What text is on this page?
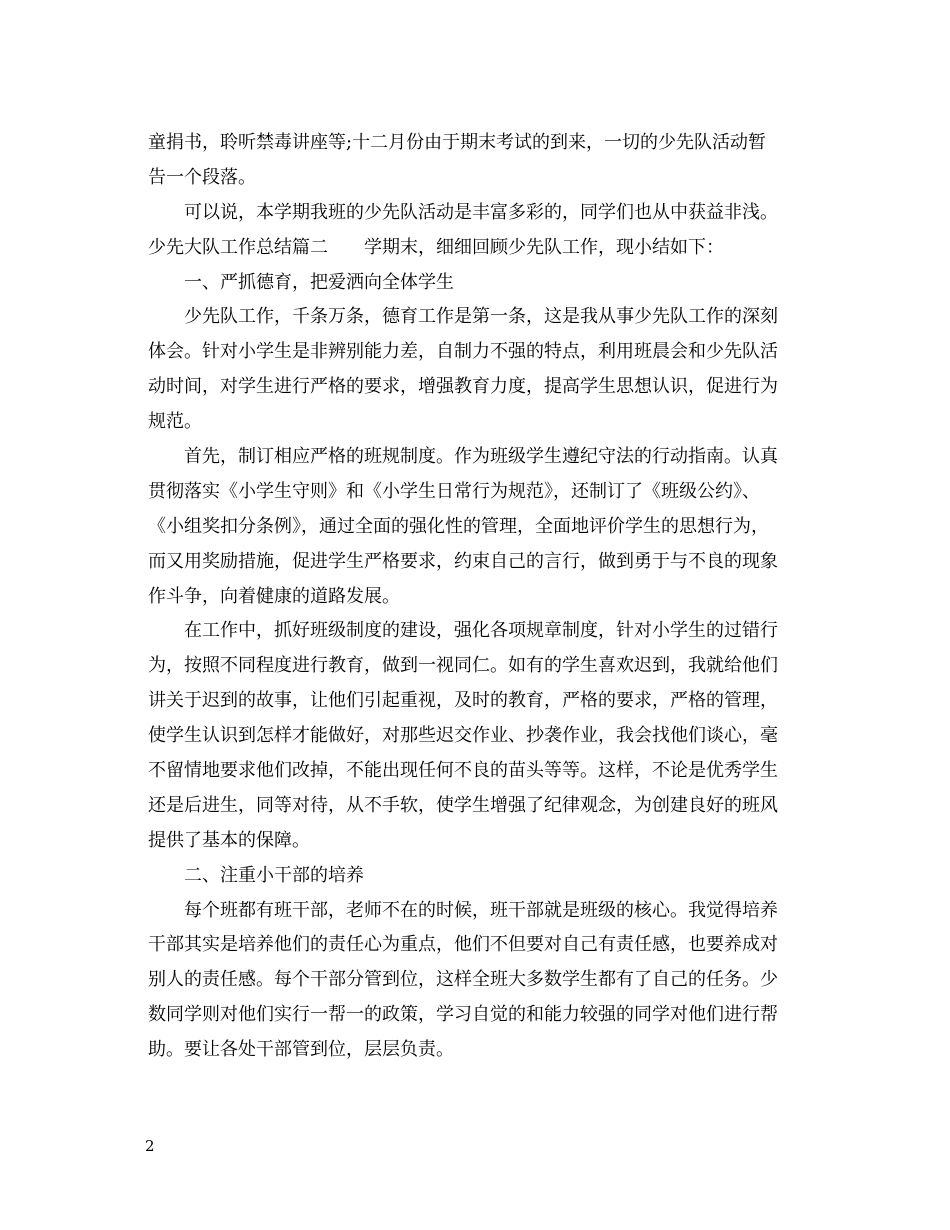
童捐书，聆听禁毒讲座等;十二月份由于期末考试的到来，一切的少先队活动暂
告一个段落。
可以说，本学期我班的少先队活动是丰富多彩的，同学们也从中获益非浅。
少先大队工作总结篇二　　学期末，细细回顾少先队工作，现小结如下：
一、严抓德育，把爱洒向全体学生
少先队工作，千条万条，德育工作是第一条，这是我从事少先队工作的深刻
体会。针对小学生是非辨别能力差，自制力不强的特点，利用班晨会和少先队活
动时间，对学生进行严格的要求，增强教育力度，提高学生思想认识，促进行为
规范。
首先，制订相应严格的班规制度。作为班级学生遵纪守法的行动指南。认真
贯彻落实《小学生守则》和《小学生日常行为规范》，还制订了《班级公约》、
《小组奖扣分条例》，通过全面的强化性的管理，全面地评价学生的思想行为，
而又用奖励措施，促进学生严格要求，约束自己的言行，做到勇于与不良的现象
作斗争，向着健康的道路发展。
在工作中，抓好班级制度的建设，强化各项规章制度，针对小学生的过错行
为，按照不同程度进行教育，做到一视同仁。如有的学生喜欢迟到，我就给他们
讲关于迟到的故事，让他们引起重视，及时的教育，严格的要求，严格的管理，
使学生认识到怎样才能做好，对那些迟交作业、抄袭作业，我会找他们谈心，毫
不留情地要求他们改掉，不能出现任何不良的苗头等等。这样，不论是优秀学生
还是后进生，同等对待，从不手软，使学生增强了纪律观念，为创建良好的班风
提供了基本的保障。
二、注重小干部的培养
每个班都有班干部，老师不在的时候，班干部就是班级的核心。我觉得培养
干部其实是培养他们的责任心为重点，他们不但要对自己有责任感，也要养成对
别人的责任感。每个干部分管到位，这样全班大多数学生都有了自己的任务。少
数同学则对他们实行一帮一的政策，学习自觉的和能力较强的同学对他们进行帮
助。要让各处干部管到位，层层负责。
2
